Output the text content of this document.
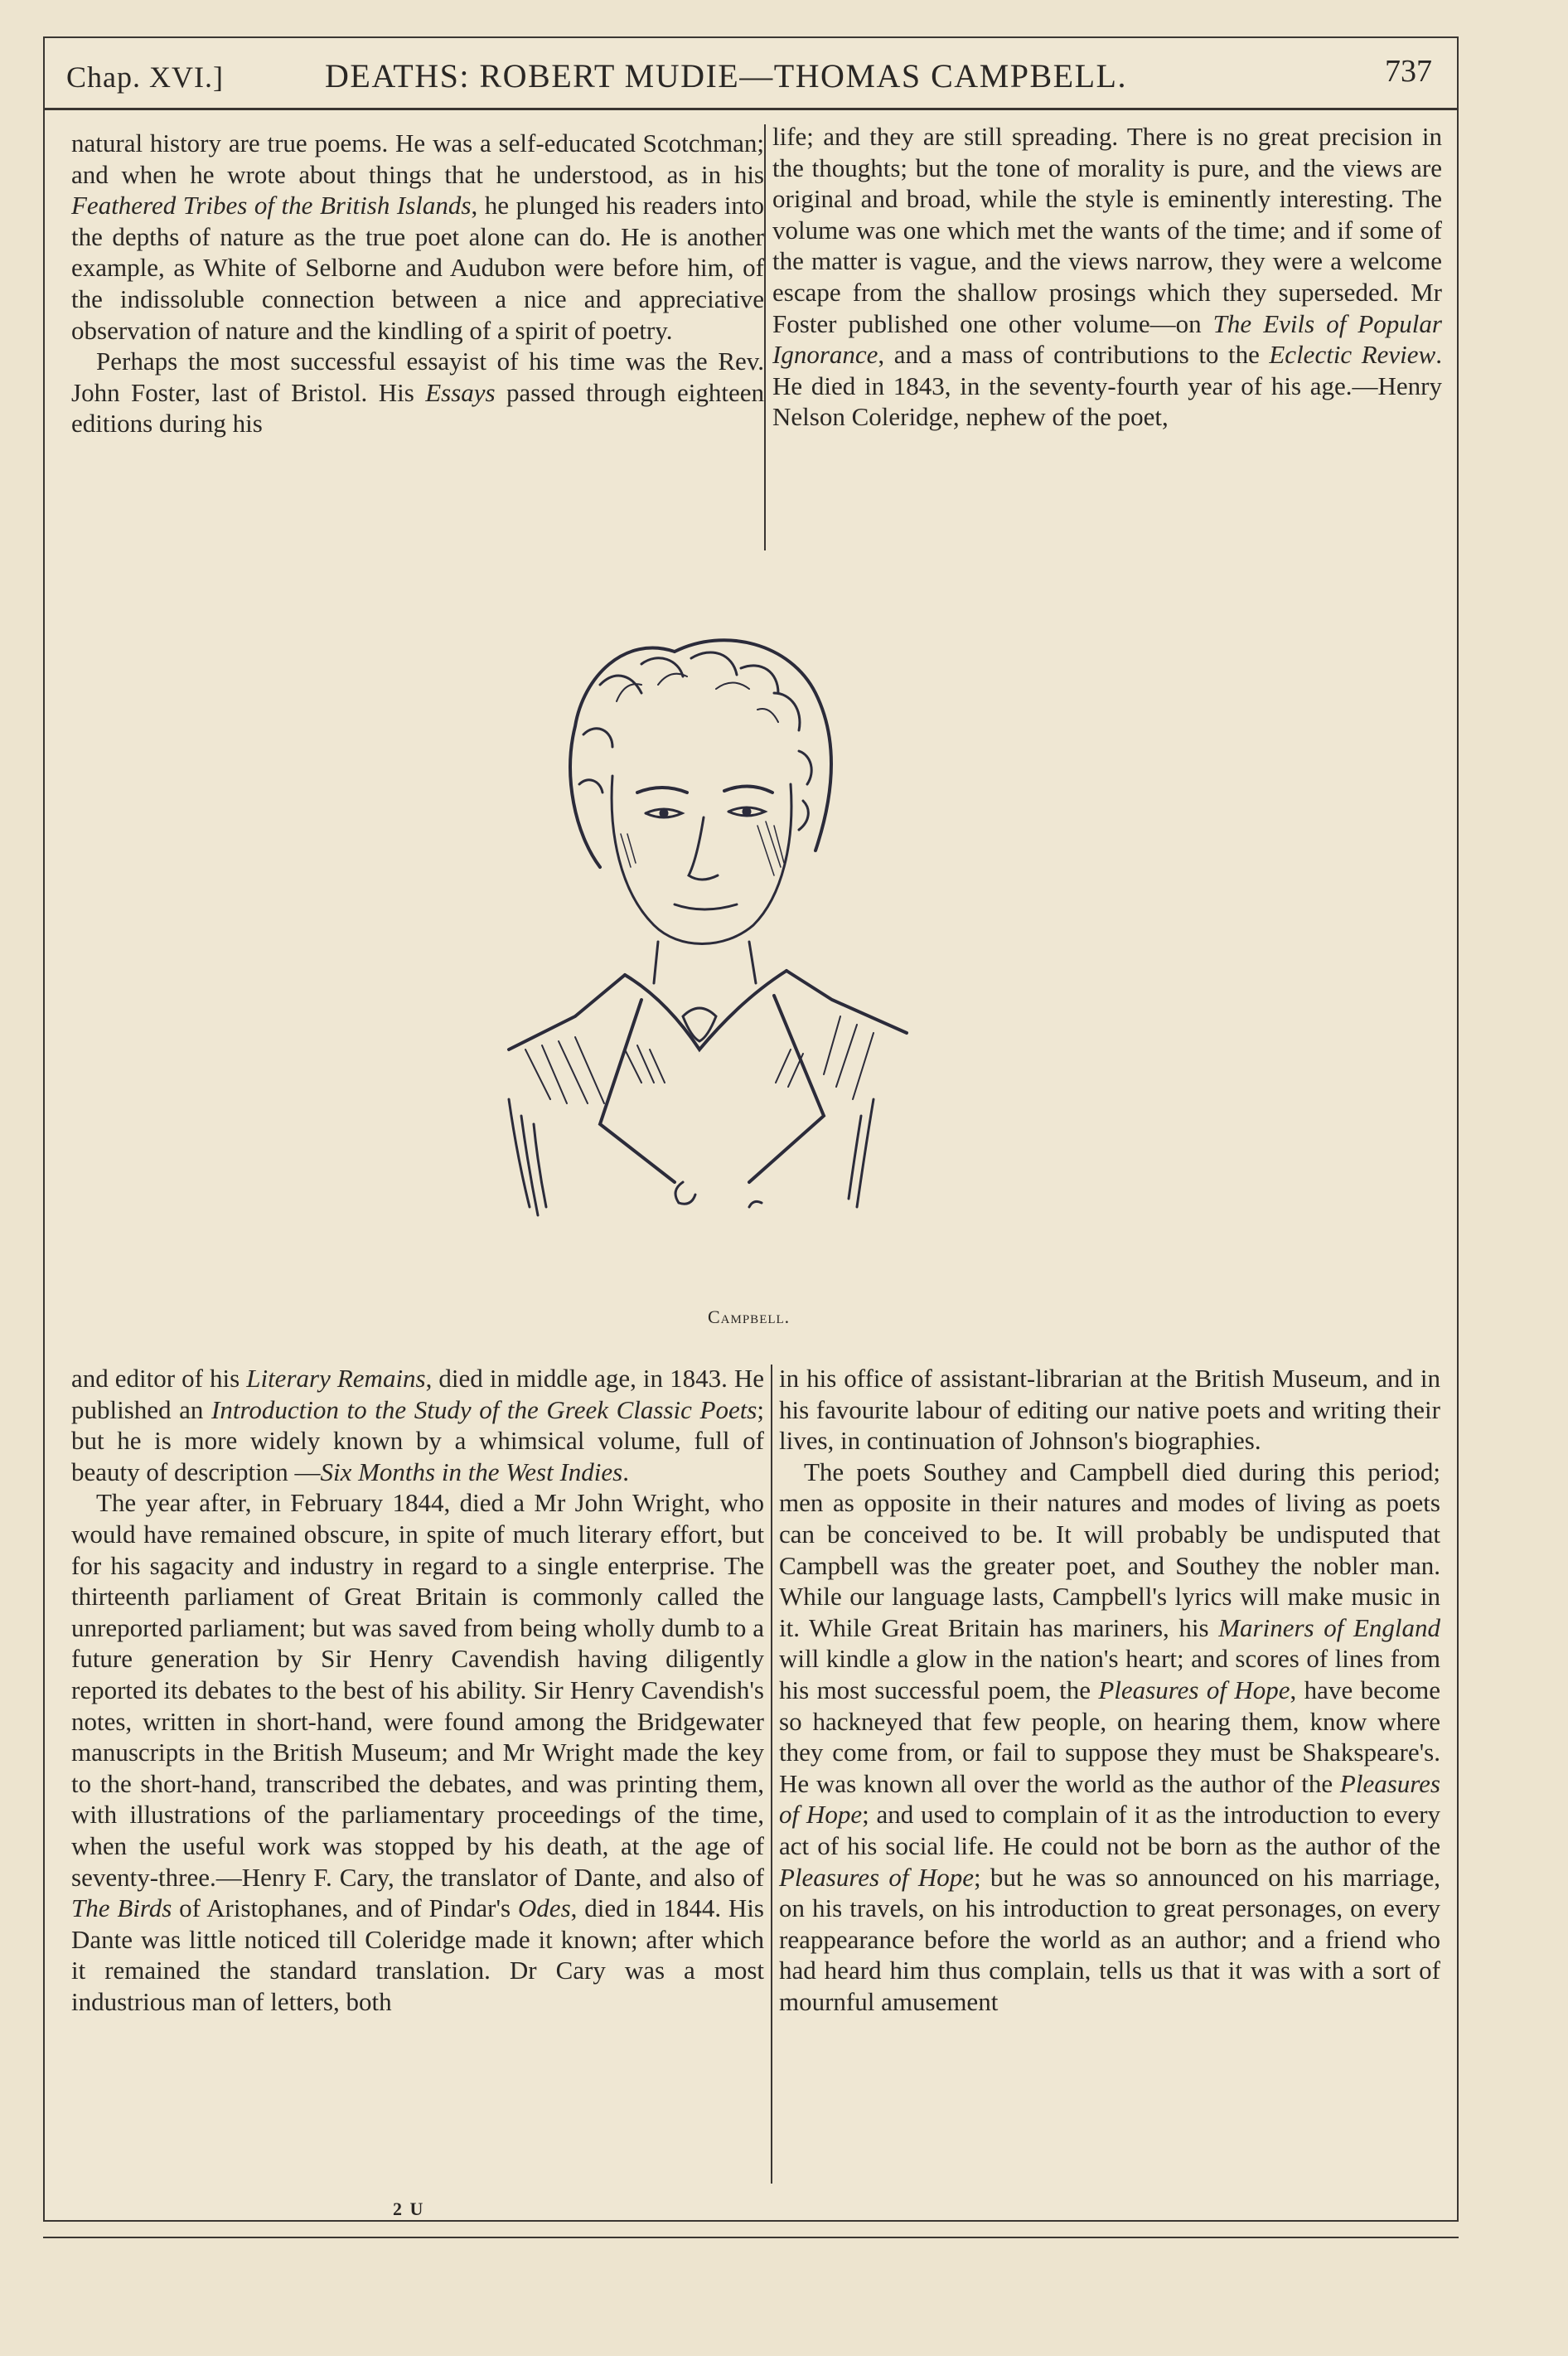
Chap. XVI.]	DEATHS: ROBERT MUDIE—THOMAS CAMPBELL.	737

natural history are true poems. He was a self-educated Scotchman; and when he wrote about things that he understood, as in his Feathered Tribes of the British Islands, he plunged his readers into the depths of nature as the true poet alone can do. He is another example, as White of Selborne and Audubon were before him, of the indissoluble connection between a nice and appreciative observation of nature and the kindling of a spirit of poetry.

Perhaps the most successful essayist of his time was the Rev. John Foster, last of Bristol. His Essays passed through eighteen editions during his

life; and they are still spreading. There is no great precision in the thoughts; but the tone of morality is pure, and the views are original and broad, while the style is eminently interesting. The volume was one which met the wants of the time; and if some of the matter is vague, and the views narrow, they were a welcome escape from the shallow prosings which they superseded. Mr Foster published one other volume—on The Evils of Popular Ignorance, and a mass of contributions to the Eclectic Review. He died in 1843, in the seventy-fourth year of his age.—Henry Nelson Coleridge, nephew of the poet,

Campbell.

and editor of his Literary Remains, died in middle age, in 1843. He published an Introduction to the Study of the Greek Classic Poets; but he is more widely known by a whimsical volume, full of beauty of description —Six Months in the West Indies.

The year after, in February 1844, died a Mr John Wright, who would have remained obscure, in spite of much literary effort, but for his sagacity and industry in regard to a single enterprise. The thirteenth parliament of Great Britain is commonly called the unreported parliament; but was saved from being wholly dumb to a future generation by Sir Henry Cavendish having diligently reported its debates to the best of his ability. Sir Henry Cavendish's notes, written in short-hand, were found among the Bridgewater manuscripts in the British Museum; and Mr Wright made the key to the short-hand, transcribed the debates, and was printing them, with illustrations of the parliamentary proceedings of the time, when the useful work was stopped by his death, at the age of seventy-three.—Henry F. Cary, the translator of Dante, and also of The Birds of Aristophanes, and of Pindar's Odes, died in 1844. His Dante was little noticed till Coleridge made it known; after which it remained the standard translation. Dr Cary was a most industrious man of letters, both

in his office of assistant-librarian at the British Museum, and in his favourite labour of editing our native poets and writing their lives, in continuation of Johnson's biographies.

The poets Southey and Campbell died during this period; men as opposite in their natures and modes of living as poets can be conceived to be. It will probably be undisputed that Campbell was the greater poet, and Southey the nobler man. While our language lasts, Campbell's lyrics will make music in it. While Great Britain has mariners, his Mariners of England will kindle a glow in the nation's heart; and scores of lines from his most successful poem, the Pleasures of Hope, have become so hackneyed that few people, on hearing them, know where they come from, or fail to suppose they must be Shakspeare's. He was known all over the world as the author of the Pleasures of Hope; and used to complain of it as the introduction to every act of his social life. He could not be born as the author of the Pleasures of Hope; but he was so announced on his marriage, on his travels, on his introduction to great personages, on every reappearance before the world as an author; and a friend who had heard him thus complain, tells us that it was with a sort of mournful amusement

2 U
